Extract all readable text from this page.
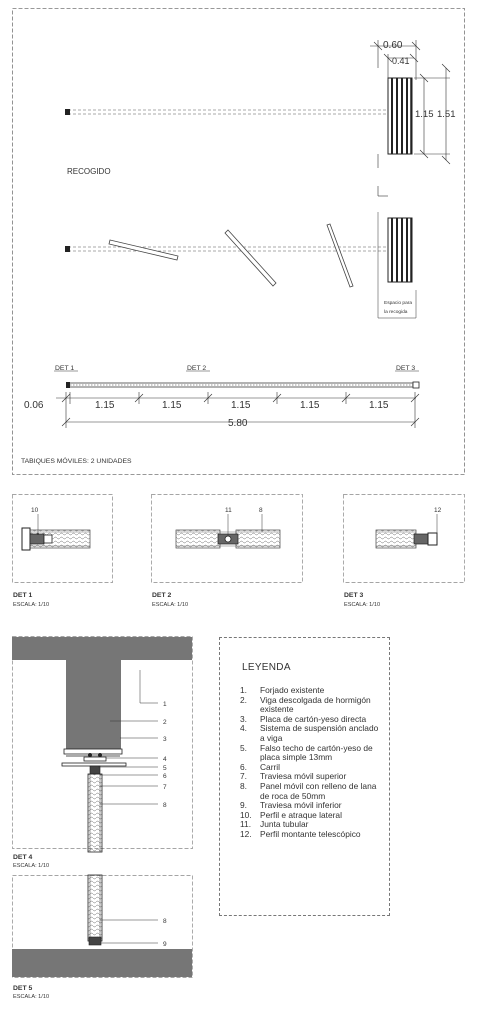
0.60
0.41
1.15 1.51
RECOGIDO
Espacio para
la recogida
DET 1	DET 2	DET 3
0.06	1.15	1.15	1.15	1.15	1.15
5.80
TABIQUES MÓVILES: 2 UNIDADES
10
DET 1
ESCALA: 1/10
11	8
DET 2
ESCALA: 1/10
12
DET 3
ESCALA: 1/10
1
2
3
4
5
6
7
8
DET 4
ESCALA: 1/10
8
9
DET 5
ESCALA: 1/10
LEYENDA
1.	Forjado existente
2.	Viga descolgada de hormigón existente
3.	Placa de cartón-yeso directa
4.	Sistema de suspensión anclado a viga
5.	Falso techo de cartón-yeso de placa simple 13mm
6.	Carril
7.	Traviesa móvil superior
8.	Panel móvil con relleno de lana de roca de 50mm
9.	Traviesa móvil inferior
10. Perfil e atraque lateral
11.	Junta tubular
12. Perfil montante telescópico
